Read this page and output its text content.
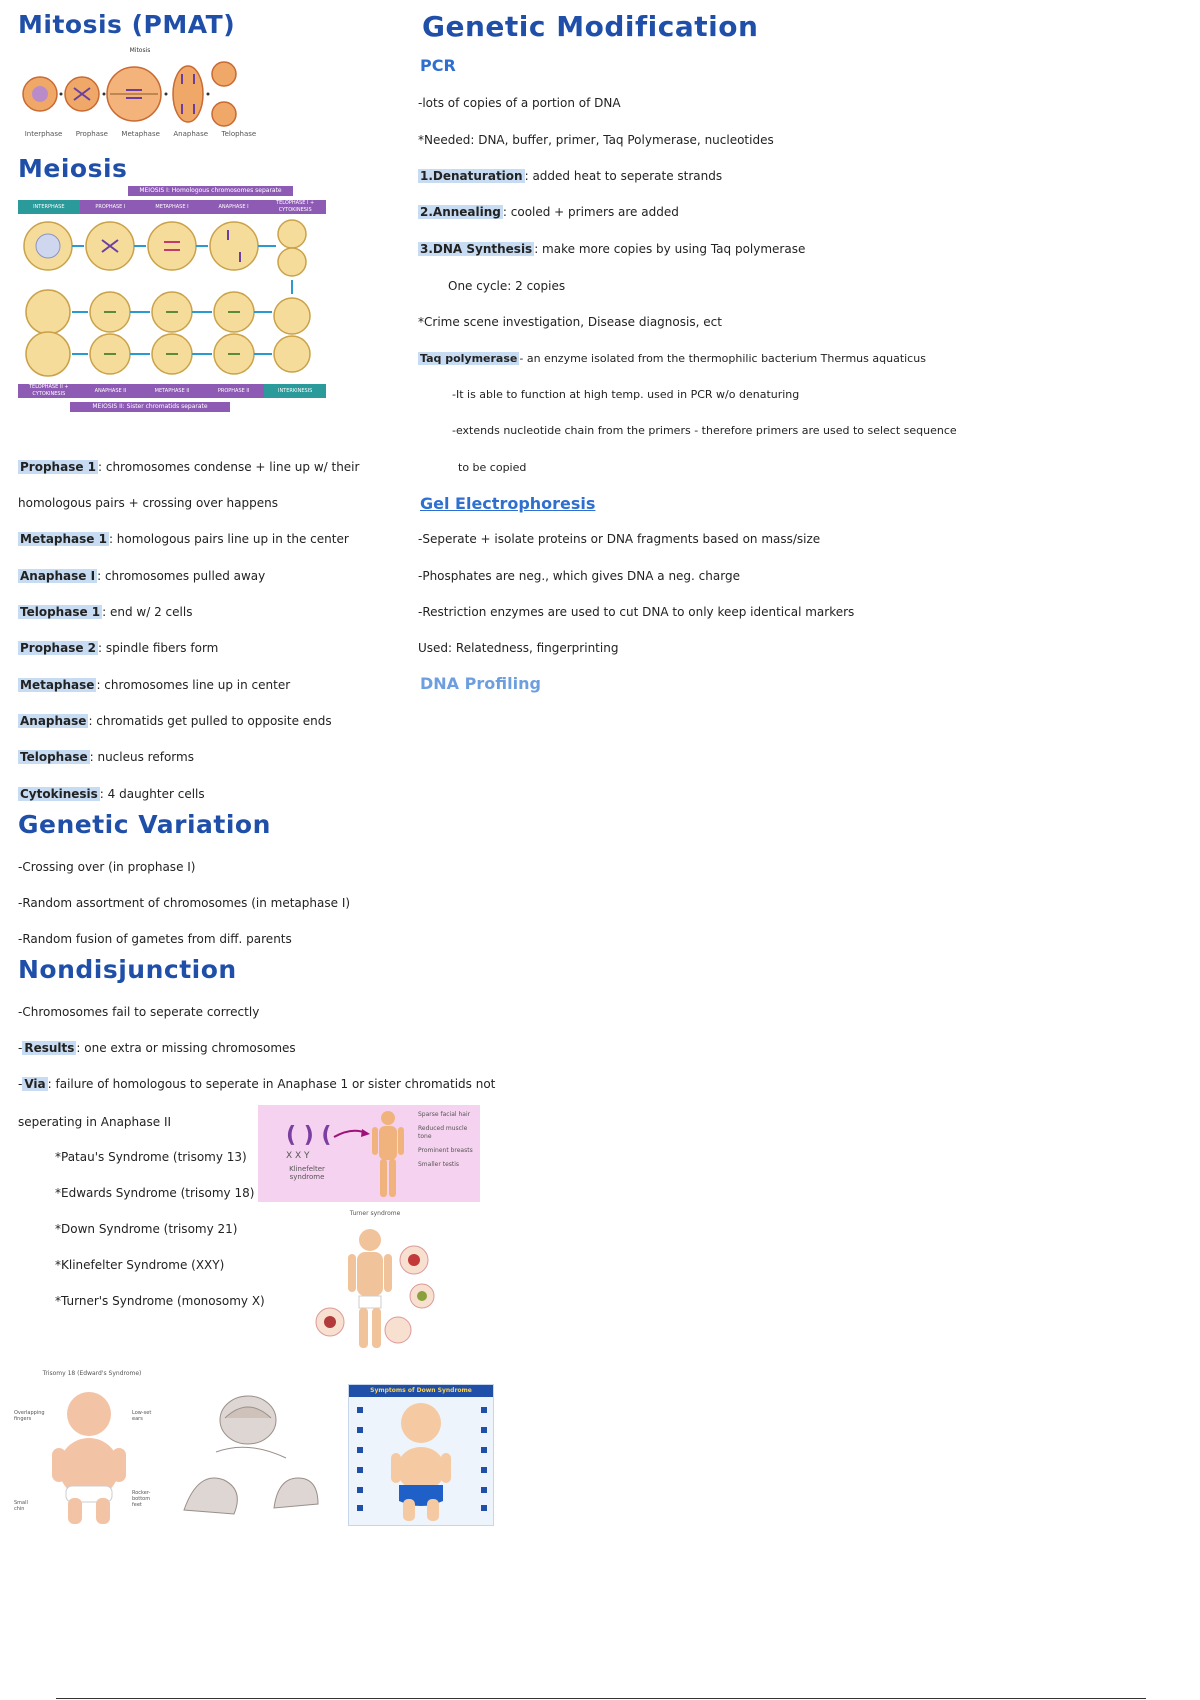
Mitosis (PMAT)
Mitosis
Interphase Prophase Metaphase Anaphase Telophase
Meiosis
MEIOSIS I: Homologous chromosomes separate
INTERPHASE	PROPHASE I	METAPHASE I	ANAPHASE I
TELOPHASE I + CYTOKINESIS
TELOPHASE II + CYTOKINESIS	ANAPHASE II	METAPHASE II	PROPHASE II	INTERKINESIS
MEIOSIS II: Sister chromatids separate
Prophase 1 : chromosomes condense + line up w/ their
homologous pairs + crossing over happens
Metaphase 1 : homologous pairs line up in the center
Anaphase I : chromosomes pulled away
Telophase 1 : end w/ 2 cells
Prophase 2 : spindle fibers form
Metaphase : chromosomes line up in center
Anaphase : chromatids get pulled to opposite ends
Telophase : nucleus reforms
Cytokinesis : 4 daughter cells
Genetic Variation
-Crossing over (in prophase I)
-Random assortment of chromosomes (in metaphase I)
-Random fusion of gametes from diff. parents
Nondisjunction
-Chromosomes fail to seperate correctly
- Results : one extra or missing chromosomes
- Via : failure of homologous to seperate in Anaphase 1 or sister chromatids not
seperating in Anaphase II
*Patau's Syndrome (trisomy 13)
*Edwards Syndrome (trisomy 18)
*Down Syndrome (trisomy 21)
*Klinefelter Syndrome (XXY)
*Turner's Syndrome (monosomy X)
( ) (
X X Y
Klinefelter syndrome
Sparse facial hair
Reduced muscle tone
Prominent breasts
Smaller testis
Turner syndrome
Trisomy 18 (Edward's Syndrome)
Overlapping fingers
Low-set ears
Rocker-bottom feet
Small chin
Symptoms of Down Syndrome
Genetic Modification
PCR
-lots of copies of a portion of DNA
*Needed: DNA, buffer, primer, Taq Polymerase, nucleotides
1.Denaturation : added heat to seperate strands
2.Annealing : cooled + primers are added
3.DNA Synthesis : make more copies by using Taq polymerase
One cycle: 2 copies
*Crime scene investigation, Disease diagnosis, ect
Taq polymerase - an enzyme isolated from the thermophilic bacterium Thermus aquaticus
-It is able to function at high temp. used in PCR w/o denaturing
-extends nucleotide chain from the primers - therefore primers are used to select sequence
to be copied
Gel Electrophoresis
-Seperate + isolate proteins or DNA fragments based on mass/size
-Phosphates are neg., which gives DNA a neg. charge
-Restriction enzymes are used to cut DNA to only keep identical markers
Used: Relatedness, fingerprinting
DNA Profiling
